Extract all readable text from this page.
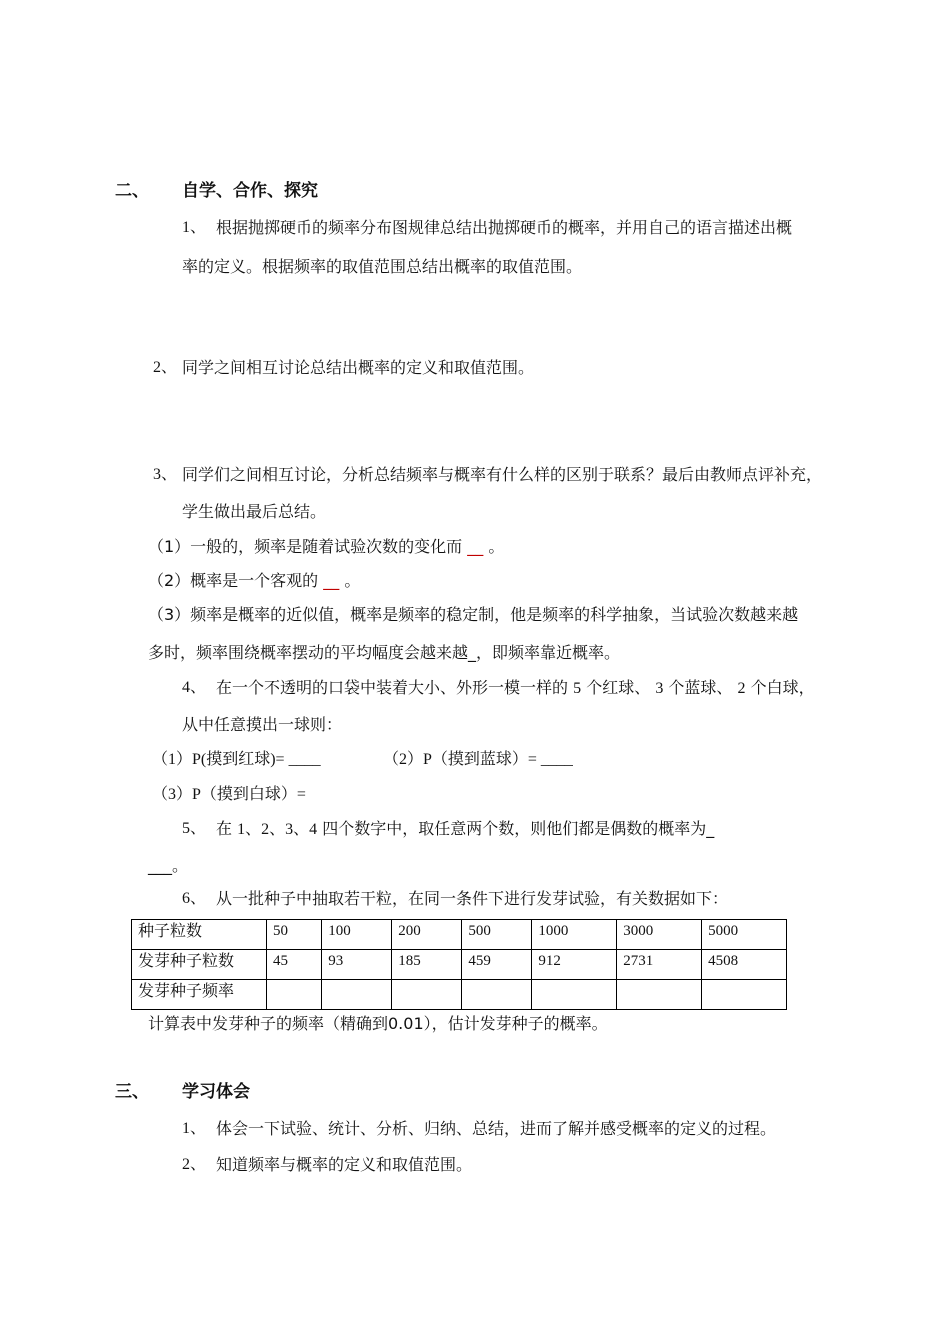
二、 自学、合作、探究
1、 根据抛掷硬币的频率分布图规律总结出抛掷硬币的概率，并用自己的语言描述出概
率的定义。根据频率的取值范围总结出概率的取值范围。
2、 同学之间相互讨论总结出概率的定义和取值范围。
3、 同学们之间相互讨论，分析总结频率与概率有什么样的区别于联系？最后由教师点评补充，
学生做出最后总结。
（1）一般的，频率是随着试验次数的变化而 __ 。
（2）概率是一个客观的 __ 。
（3）频率是概率的近似值，概率是频率的稳定制，他是频率的科学抽象，当试验次数越来越
多时，频率围绕概率摆动的平均幅度会越来越_，即频率靠近概率。
4、 在一个不透明的口袋中装着大小、外形一模一样的 5 个红球、 3 个蓝球、 2 个白球，
从中任意摸出一球则：
（1）P(摸到红球)= ____	（2）P（摸到蓝球）= ____
（3）P（摸到白球）=
5、 在 1、2、3、4 四个数字中，取任意两个数，则他们都是偶数的概率为_
___。
6、 从一批种子中抽取若干粒，在同一条件下进行发芽试验，有关数据如下：
种子粒数	50	100	200	500	1000	3000	5000
发芽种子粒数	45	93	185	459	912	2731	4508
发芽种子频率							
计算表中发芽种子的频率（精确到0.01），估计发芽种子的概率。
三、 学习体会
1、 体会一下试验、统计、分析、归纳、总结，进而了解并感受概率的定义的过程。
2、 知道频率与概率的定义和取值范围。
